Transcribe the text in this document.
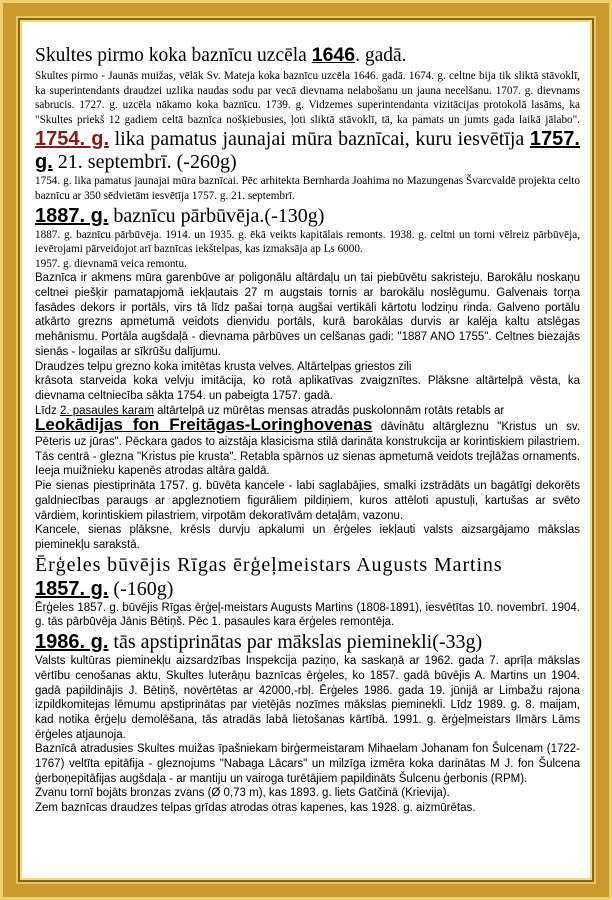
Skultes pirmo koka baznīcu uzcēla 1646. gadā.

Skultes pirmo - Jaunās muižas, vēlāk Sv. Mateja koka baznīcu uzcēla 1646. gadā. 1674. g. celtne bija tik sliktā stāvoklī, ka superintendants draudzei uzlika naudas sodu par vecā dievnama nelabošanu un jauna necelšanu. 1707. g. dievnams sabrucis. 1727. g. uzcēla nākamo koka baznīcu. 1739. g. Vidzemes superintendanta vizitācijas protokolā lasāms, ka "Skultes priekš 12 gadiem celtā baznīca nošķiebusies, ļoti sliktā stāvoklī, tā, ka pamats un jumts gada laikā jālabo".

1754. g. lika pamatus jaunajai mūra baznīcai, kuru iesvētīja 1757. g. 21. septembrī. (-260g)

1754. g. lika pamatus jaunajai mūra baznīcai. Pēc arhitekta Bernharda Joahima no Mazungenas Švarcvaldē projekta celto baznīcu ar 350 sēdvietām iesvētīja 1757. g. 21. septembrī.

1887. g. baznīcu pārbūvēja.(-130g)

1887. g. baznīcu pārbūvēja. 1914. un 1935. g. ēkā veikts kapitālais remonts. 1938. g. celtni un torni vēlreiz pārbūvēja, ievērojami pārveidojot arī baznīcas iekštelpas, kas izmaksāja ap Ls 6000.

1957. g. dievnamā veica remontu.

Baznīca ir akmens mūra garenbūve ar poligonālu altārdaļu un tai piebūvētu sakristeju. Barokālu noskaņu celtnei piešķir pamatapjomā iekļautais 27 m augstais tornis ar barokālu noslēgumu. Galvenais torņa fasādes dekors ir portāls, virs tā līdz pašai torņa augšai vertikāli kārtotu lodziņu rinda. Galveno portālu atkārto grezns apmetumā veidots dienvidu portāls, kurā barokālas durvis ar kalēja kaltu atslēgas mehānismu. Portāla augšdaļā - dievnama pārbūves un celšanas gadi: "1887 ANO 1755". Celtnes biezajās sienās - logailas ar sīkrūšu dalījumu.

Draudzes telpu grezno koka imitētas krusta velves. Altārtelpas griestos zili

krāsota starveida koka velvju imitācija, ko rotā aplikatīvas zvaigznītes. Plāksne altārtelpā vēsta, ka dievnama celtniecība sākta 1754. un pabeigta 1757. gadā.

Līdz 2. pasaules karam altārtelpā uz mūrētas mensas atradās puskolonnām rotāts retabls ar
Leokādijas fon Freitāgas-Loringhovenas dāvinātu altārgleznu "Kristus un sv. Pēteris uz jūras". Pēckara gados to aizstāja klasicisma stilā darināta konstrukcija ar korintiskiem pilastriem. Tās centrā - glezna "Kristus pie krusta". Retabla spārnos uz sienas apmetumā veidots trejlāžas ornaments. Ieeja muižnieku kapenēs atrodas altāra galdā.

Pie sienas piestiprināta 1757. g. būvēta kancele - labi saglabājies, smalki izstrādāts un bagātīgi dekorēts galdniecības paraugs ar apgleznotiem figurāliem pildiņiem, kuros attēloti apustuļi, kartušas ar svēto vārdiem, korintiskiem pilastriem, virpotām dekoratīvām detaļām, vazonu.

Kancele, sienas plāksne, krēsls durvju apkalumi un ērģeles iekļauti valsts aizsargājamo mākslas pieminekļu sarakstā.

Ērģeles būvējis Rīgas ērģeļmeistars Augusts Martins
1857. g. (-160g)

Ērģeles 1857. g. būvējis Rīgas ērģeļ-meistars Augusts Martins (1808-1891), iesvētītas 10. novembrī. 1904. g. tās pārbūvēja Jānis Bētiņš. Pēc 1. pasaules kara ērģeles remontēja.

1986. g. tās apstiprinātas par mākslas pieminekli(-33g)

Valsts kultūras pieminekļu aizsardzības Inspekcija paziņo, ka saskaņā ar 1962. gada 7. aprīļa mākslas vērtību cenošanas aktu, Skultes luterāņu baznīcas ērģeles, ko 1857. gadā būvējis A. Martins un 1904. gadā papildinājis J. Bētiņš, novērtētas ar 42000,-rbļ. Ērģeles 1986. gada 19. jūnijā ar Limbažu rajona izpildkomitejas lēmumu apstiprinātas par vietējās nozīmes mākslas pieminekli. Līdz 1989. g. 8. maijam, kad notika ērģeļu demolēšana, tās atradās labā lietošanas kārtībā. 1991. g. ērģeļmeistars Ilmārs Lāms ērģeles atjaunoja.

Baznīcā atradusies Skultes muižas īpašniekam birģermeistaram Mihaelam Johanam fon Šulcenam (1722-1767) veltīta epitāfija - gleznojums "Nabaga Lācars" un milzīga izmēra koka darinātas M J. fon Šulcena ģerboņepitāfijas augšdaļa - ar mantiju un vairoga turētājiem papildināts Šulcenu ģerbonis (RPM).

Zvanu tornī bojāts bronzas zvans (Ø 0,73 m), kas 1893. g. liets Gatčinā (Krievija).

Zem baznīcas draudzes telpas grīdas atrodas otras kapenes, kas 1928. g. aizmūrētas.
